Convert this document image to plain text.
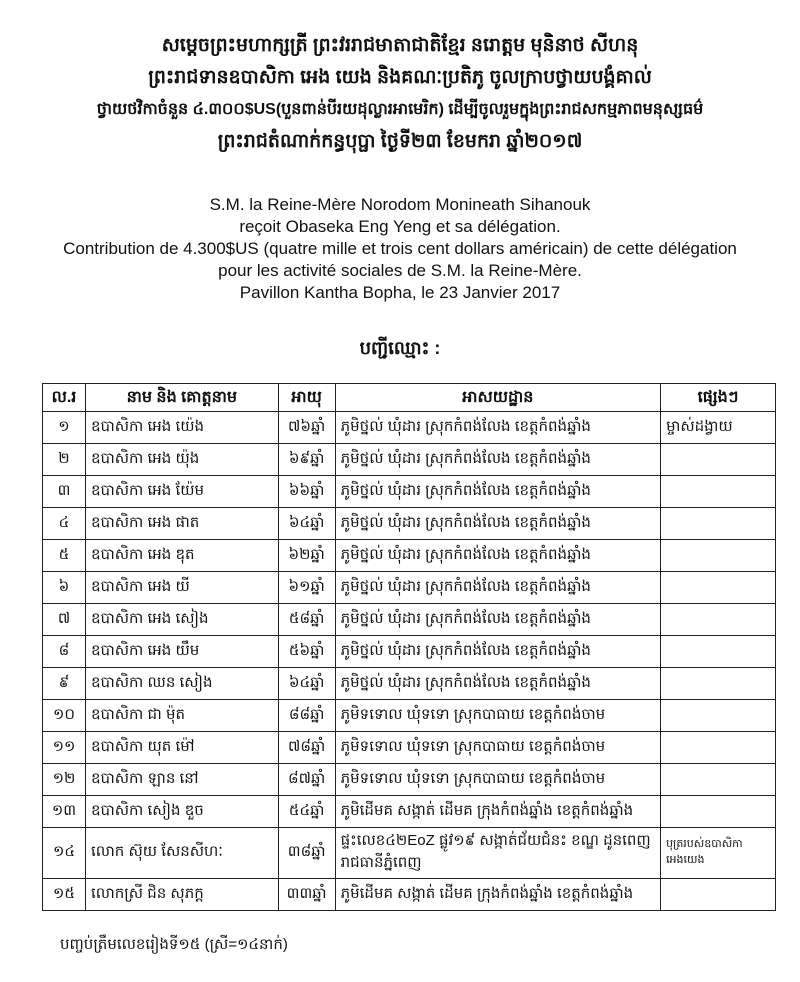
សម្តេចព្រះមហាក្សត្រី ព្រះវររាជមាតាជាតិខ្មែរ នរោត្តម មុនិនាថ សីហនុ
ព្រះរាជទានឧបាសិកា អេង យេង និងគណៈប្រតិភូ ចូលក្រាបថ្វាយបង្គំគាល់
ថ្វាយថវិកាចំនួន ៤.៣០០$US(បួនពាន់បីរយដុល្លារអាមេរិក) ដើម្បីចូលរួមក្នុងព្រះរាជសកម្មភាពមនុស្សធម៌
ព្រះរាជតំណាក់កន្ធបុប្ផា ថ្ងៃទី២៣ ខែមករា ឆ្នាំ២០១៧
S.M. la Reine-Mère Norodom Monineath Sihanouk
reçoit Obaseka Eng Yeng et sa délégation.
Contribution de 4.300$US (quatre mille et trois cent dollars américain) de cette délégation
pour les activité sociales de S.M. la Reine-Mère.
Pavillon Kantha Bopha, le 23 Janvier 2017
បញ្ជីឈ្មោះ :
ល.រ	នាម និង គោត្តនាម	អាយុ	អាសយដ្ឋាន	ផ្សេងៗ
១	ឧបាសិកា អេង យ៉េង	៧៦ឆ្នាំ	ភូមិថ្នល់ ឃុំដារ ស្រុកកំពង់លែង ខេត្តកំពង់ឆ្នាំង	ម្ចាស់ដង្វាយ
២	ឧបាសិកា អេង យ៉ុង	៦៩ឆ្នាំ	ភូមិថ្នល់ ឃុំដារ ស្រុកកំពង់លែង ខេត្តកំពង់ឆ្នាំង	
៣	ឧបាសិកា អេង យ៉ែម	៦៦ឆ្នាំ	ភូមិថ្នល់ ឃុំដារ ស្រុកកំពង់លែង ខេត្តកំពង់ឆ្នាំង	
៤	ឧបាសិកា អេង ផាត	៦៤ឆ្នាំ	ភូមិថ្នល់ ឃុំដារ ស្រុកកំពង់លែង ខេត្តកំពង់ឆ្នាំង	
៥	ឧបាសិកា អេង ឌុត	៦២ឆ្នាំ	ភូមិថ្នល់ ឃុំដារ ស្រុកកំពង់លែង ខេត្តកំពង់ឆ្នាំង	
៦	ឧបាសិកា អេង យី	៦១ឆ្នាំ	ភូមិថ្នល់ ឃុំដារ ស្រុកកំពង់លែង ខេត្តកំពង់ឆ្នាំង	
៧	ឧបាសិកា អេង សៀង	៥៨ឆ្នាំ	ភូមិថ្នល់ ឃុំដារ ស្រុកកំពង់លែង ខេត្តកំពង់ឆ្នាំង	
៨	ឧបាសិកា អេង យឹម	៥៦ឆ្នាំ	ភូមិថ្នល់ ឃុំដារ ស្រុកកំពង់លែង ខេត្តកំពង់ឆ្នាំង	
៩	ឧបាសិកា ឈន សៀង	៦៤ឆ្នាំ	ភូមិថ្នល់ ឃុំដារ ស្រុកកំពង់លែង ខេត្តកំពង់ឆ្នាំង	
១០	ឧបាសិកា ជា ម៉ុត	៨៨ឆ្នាំ	ភូមិទទោល ឃុំទទោ ស្រុកបាធាយ ខេត្តកំពង់ចាម	
១១	ឧបាសិកា យុត ម៉ៅ	៧៨ឆ្នាំ	ភូមិទទោល ឃុំទទោ ស្រុកបាធាយ ខេត្តកំពង់ចាម	
១២	ឧបាសិកា ឡាន នៅ	៨៧ឆ្នាំ	ភូមិទទោល ឃុំទទោ ស្រុកបាធាយ ខេត្តកំពង់ចាម	
១៣	ឧបាសិកា សៀង ឌួច	៥៤ឆ្នាំ	ភូមិដើមគ សង្កាត់ ដើមគ ក្រុងកំពង់ឆ្នាំង ខេត្តកំពង់ឆ្នាំង	
១៤	លោក ស៊ុយ សែនសីហៈ	៣៨ឆ្នាំ	ផ្ទះលេខ៤២EoZ ផ្លូវ១៩ សង្កាត់ជ័យជំនះ ខណ្ឌ ដូនពេញ រាជធានីភ្នំពេញ	បុត្ររបស់ឧបាសិកា អេងយេង
១៥	លោកស្រី ជិន សុភក្ត	៣៣ឆ្នាំ	ភូមិដើមគ សង្កាត់ ដើមគ ក្រុងកំពង់ឆ្នាំង ខេត្តកំពង់ឆ្នាំង	
បញ្ចប់ត្រឹមលេខរៀងទី១៥ (ស្រី=១៤នាក់)
